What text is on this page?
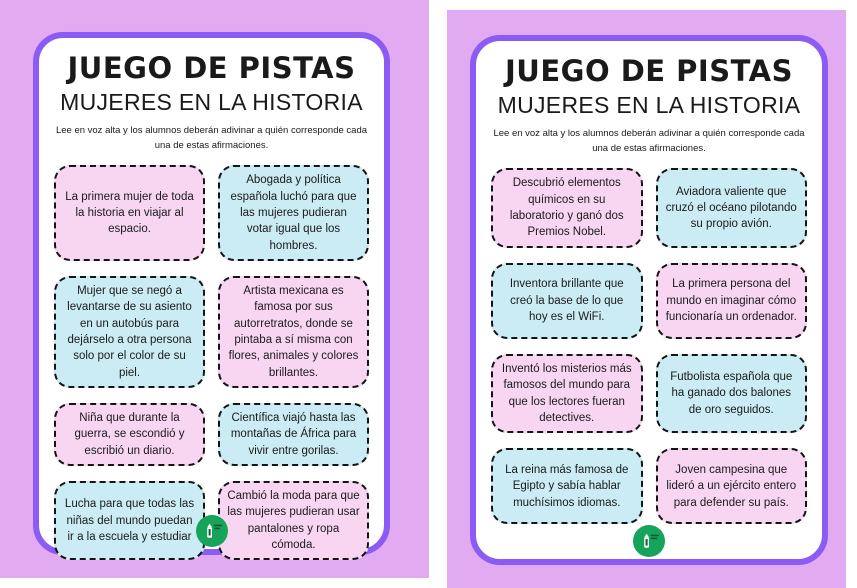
JUEGO DE PISTAS
MUJERES EN LA HISTORIA

Lee en voz alta y los alumnos deberán adivinar a quién corresponde cada una de estas afirmaciones.

La primera mujer de toda la historia en viajar al espacio.
Abogada y política española luchó para que las mujeres pudieran votar igual que los hombres.
Mujer que se negó a levantarse de su asiento en un autobús para dejárselo a otra persona solo por el color de su piel.
Artista mexicana es famosa por sus autorretratos, donde se pintaba a sí misma con flores, animales y colores brillantes.
Niña que durante la guerra, se escondió y escribió un diario.
Científica viajó hasta las montañas de África para vivir entre gorilas.
Lucha para que todas las niñas del mundo puedan ir a la escuela y estudiar
Cambió la moda para que las mujeres pudieran usar pantalones y ropa cómoda.
JUEGO DE PISTAS
MUJERES EN LA HISTORIA

Lee en voz alta y los alumnos deberán adivinar a quién corresponde cada una de estas afirmaciones.

Descubrió elementos químicos en su laboratorio y ganó dos Premios Nobel.
Aviadora valiente que cruzó el océano pilotando su propio avión.
Inventora brillante que creó la base de lo que hoy es el WiFi.
La primera persona del mundo en imaginar cómo funcionaría un ordenador.
Inventó los misterios más famosos del mundo para que los lectores fueran detectives.
Futbolista española que ha ganado dos balones de oro seguidos.
La reina más famosa de Egipto y sabía hablar muchísimos idiomas.
Joven campesina que lideró a un ejército entero para defender su país.
